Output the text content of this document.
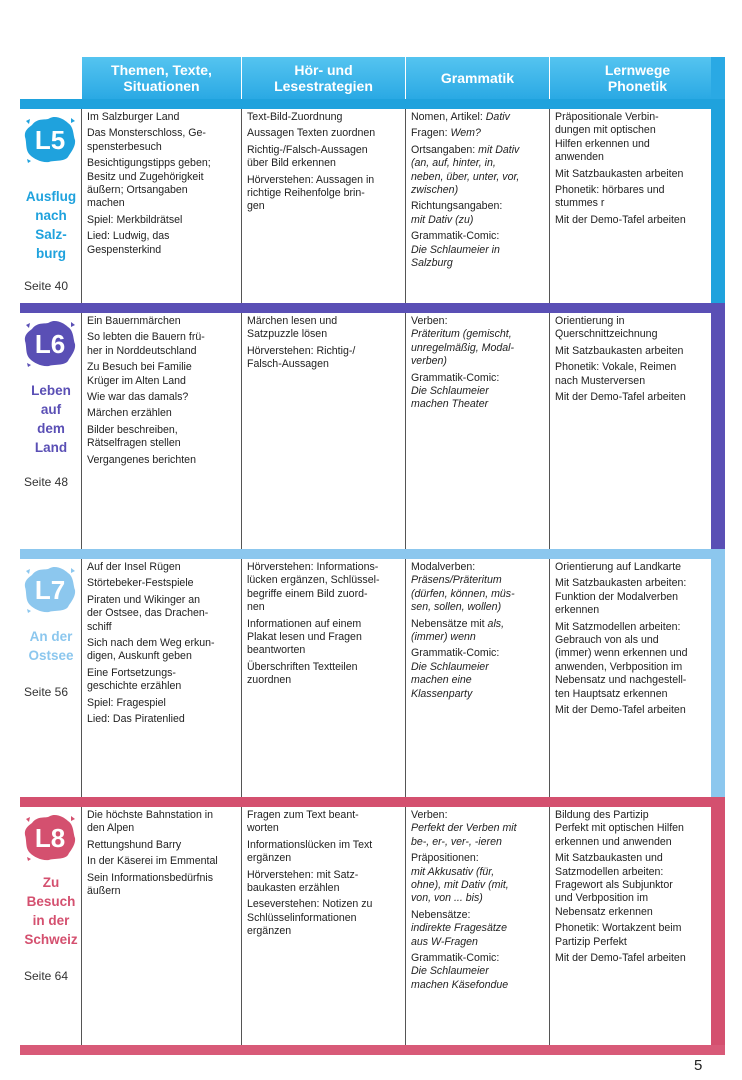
Themen, Texte,
Situationen
Hör- und
Lesestrategien	Grammatik	Lernwege
Phonetik
L5
Ausflug
nach
Salz-
burg
Seite 40
Im Salzburger Land
Das Monsterschloss, Ge-
spensterbesuch
Besichtigungstipps geben;
Besitz und Zugehörigkeit
äußern; Ortsangaben
machen
Spiel: Merkbildrätsel
Lied: Ludwig, das
Gespensterkind
Text-Bild-Zuordnung
Aussagen Texten zuordnen
Richtig-/Falsch-Aussagen
über Bild erkennen
Hörverstehen: Aussagen in
richtige Reihenfolge brin-
gen
Nomen, Artikel: Dativ
Fragen: Wem?
Ortsangaben: mit Dativ
(an, auf, hinter, in,
neben, über, unter, vor,
zwischen)
Richtungsangaben:
mit Dativ (zu)
Grammatik-Comic:
Die Schlaumeier in
Salzburg
Präpositionale Verbin-
dungen mit optischen
Hilfen erkennen und
anwenden
Mit Satzbaukasten arbeiten
Phonetik: hörbares und
stummes r
Mit der Demo-Tafel arbeiten
L6
Leben
auf
dem
Land
Seite 48
Ein Bauernmärchen
So lebten die Bauern frü-
her in Norddeutschland
Zu Besuch bei Familie
Krüger im Alten Land
Wie war das damals?
Märchen erzählen
Bilder beschreiben,
Rätselfragen stellen
Vergangenes berichten
Märchen lesen und
Satzpuzzle lösen
Hörverstehen: Richtig-/
Falsch-Aussagen
Verben:
Präteritum (gemischt,
unregelmäßig, Modal-
verben)
Grammatik-Comic:
Die Schlaumeier
machen Theater
Orientierung in
Querschnittzeichnung
Mit Satzbaukasten arbeiten
Phonetik: Vokale, Reimen
nach Musterversen
Mit der Demo-Tafel arbeiten
L7
An der
Ostsee
Seite 56
Auf der Insel Rügen
Störtebeker-Festspiele
Piraten und Wikinger an
der Ostsee, das Drachen-
schiff
Sich nach dem Weg erkun-
digen, Auskunft geben
Eine Fortsetzungs-
geschichte erzählen
Spiel: Fragespiel
Lied: Das Piratenlied
Hörverstehen: Informations-
lücken ergänzen, Schlüssel-
begriffe einem Bild zuord-
nen
Informationen auf einem
Plakat lesen und Fragen
beantworten
Überschriften Textteilen
zuordnen
Modalverben:
Präsens/Präteritum
(dürfen, können, müs-
sen, sollen, wollen)
Nebensätze mit als,
(immer) wenn
Grammatik-Comic:
Die Schlaumeier
machen eine
Klassenparty
Orientierung auf Landkarte
Mit Satzbaukasten arbeiten:
Funktion der Modalverben
erkennen
Mit Satzmodellen arbeiten:
Gebrauch von als und
(immer) wenn erkennen und
anwenden, Verbposition im
Nebensatz und nachgestell-
ten Hauptsatz erkennen
Mit der Demo-Tafel arbeiten
L8
Zu
Besuch
in der
Schweiz
Seite 64
Die höchste Bahnstation in
den Alpen
Rettungshund Barry
In der Käserei im Emmental
Sein Informationsbedürfnis
äußern
Fragen zum Text beant-
worten
Informationslücken im Text
ergänzen
Hörverstehen: mit Satz-
baukasten erzählen
Leseverstehen: Notizen zu
Schlüsselinformationen
ergänzen
Verben:
Perfekt der Verben mit
be-, er-, ver-, -ieren
Präpositionen:
mit Akkusativ (für,
ohne), mit Dativ (mit,
von, von ... bis)
Nebensätze:
indirekte Fragesätze
aus W-Fragen
Grammatik-Comic:
Die Schlaumeier
machen Käsefondue
Bildung des Partizip
Perfekt mit optischen Hilfen
erkennen und anwenden
Mit Satzbaukasten und
Satzmodellen arbeiten:
Fragewort als Subjunktor
und Verbposition im
Nebensatz erkennen
Phonetik: Wortakzent beim
Partizip Perfekt
Mit der Demo-Tafel arbeiten
5
